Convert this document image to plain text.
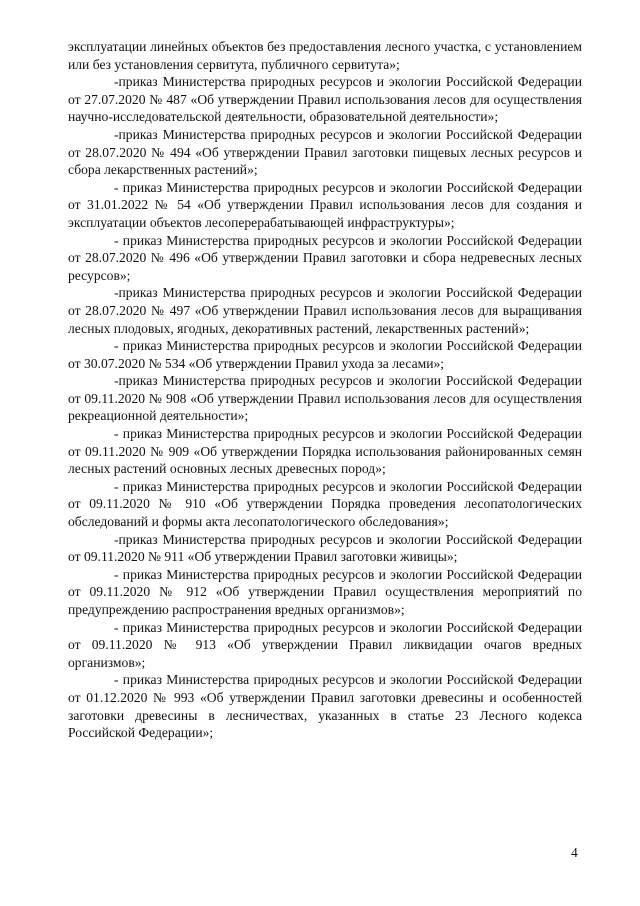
эксплуатации линейных объектов без предоставления лесного участка, с установлением или без установления сервитута, публичного сервитута»;

-приказ Министерства природных ресурсов и экологии Российской Федерации от 27.07.2020 № 487 «Об утверждении Правил использования лесов для осуществления научно-исследовательской деятельности, образовательной деятельности»;

-приказ Министерства природных ресурсов и экологии Российской Федерации от 28.07.2020 № 494 «Об утверждении Правил заготовки пищевых лесных ресурсов и сбора лекарственных растений»;

- приказ Министерства природных ресурсов и экологии Российской Федерации от 31.01.2022 № 54 «Об утверждении Правил использования лесов для создания и эксплуатации объектов лесоперерабатывающей инфраструктуры»;

- приказ Министерства природных ресурсов и экологии Российской Федерации от 28.07.2020 № 496 «Об утверждении Правил заготовки и сбора недревесных лесных ресурсов»;

-приказ Министерства природных ресурсов и экологии Российской Федерации от 28.07.2020 № 497 «Об утверждении Правил использования лесов для выращивания лесных плодовых, ягодных, декоративных растений, лекарственных растений»;

- приказ Министерства природных ресурсов и экологии Российской Федерации от 30.07.2020 № 534 «Об утверждении Правил ухода за лесами»;

-приказ Министерства природных ресурсов и экологии Российской Федерации от 09.11.2020 № 908 «Об утверждении Правил использования лесов для осуществления рекреационной деятельности»;

- приказ Министерства природных ресурсов и экологии Российской Федерации от 09.11.2020 № 909 «Об утверждении Порядка использования районированных семян лесных растений основных лесных древесных пород»;

- приказ Министерства природных ресурсов и экологии Российской Федерации от 09.11.2020 № 910 «Об утверждении Порядка проведения лесопатологических обследований и формы акта лесопатологического обследования»;

-приказ Министерства природных ресурсов и экологии Российской Федерации от 09.11.2020 № 911 «Об утверждении Правил заготовки живицы»;

- приказ Министерства природных ресурсов и экологии Российской Федерации от 09.11.2020 № 912 «Об утверждении Правил осуществления мероприятий по предупреждению распространения вредных организмов»;

- приказ Министерства природных ресурсов и экологии Российской Федерации от 09.11.2020 № 913 «Об утверждении Правил ликвидации очагов вредных организмов»;

- приказ Министерства природных ресурсов и экологии Российской Федерации от 01.12.2020 № 993 «Об утверждении Правил заготовки древесины и особенностей заготовки древесины в лесничествах, указанных в статье 23 Лесного кодекса Российской Федерации»;

4
